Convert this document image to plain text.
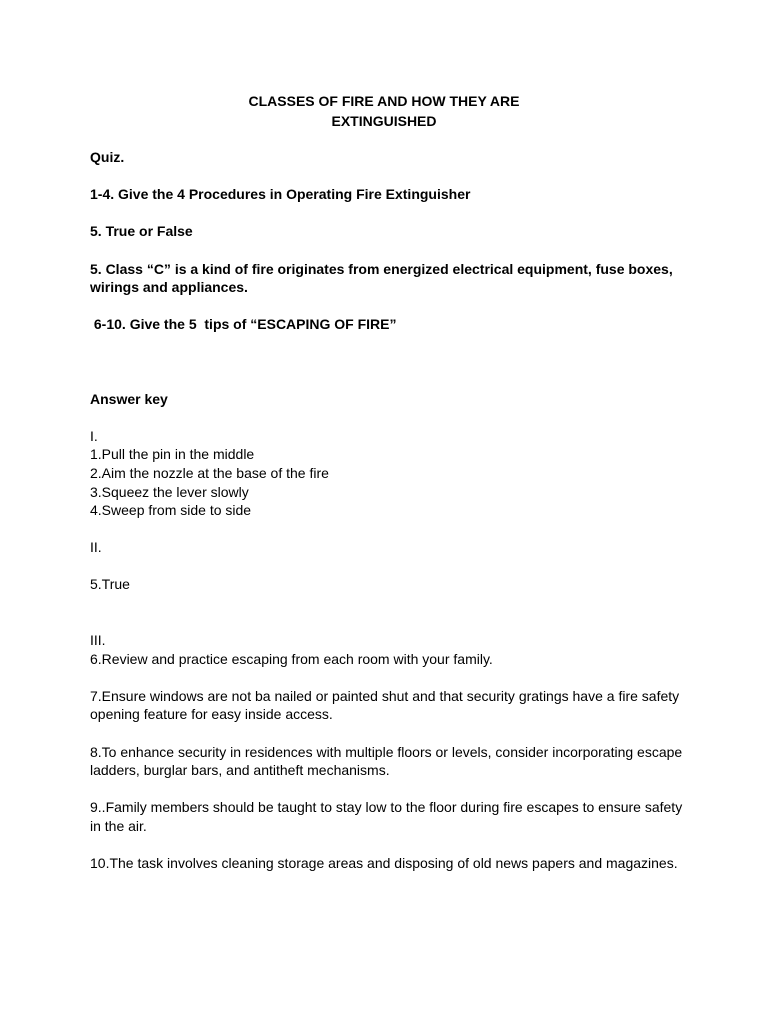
CLASSES OF FIRE AND HOW THEY ARE
EXTINGUISHED

Quiz.

1-4. Give the 4 Procedures in Operating Fire Extinguisher

5. True or False

5. Class “C” is a kind of fire originates from energized electrical equipment, fuse boxes,

wirings and appliances.

6-10. Give the 5  tips of “ESCAPING OF FIRE”

Answer key

I.

1.Pull the pin in the middle

2.Aim the nozzle at the base of the fire

3.Squeez the lever slowly

4.Sweep from side to side

II.

5.True

III.

6.Review and practice escaping from each room with your family.

7.Ensure windows are not ba nailed or painted shut and that security gratings have a fire safety

opening feature for easy inside access.

8.To enhance security in residences with multiple floors or levels, consider incorporating escape

ladders, burglar bars, and antitheft mechanisms.

9..Family members should be taught to stay low to the floor during fire escapes to ensure safety

in the air.

10.The task involves cleaning storage areas and disposing of old news papers and magazines.
